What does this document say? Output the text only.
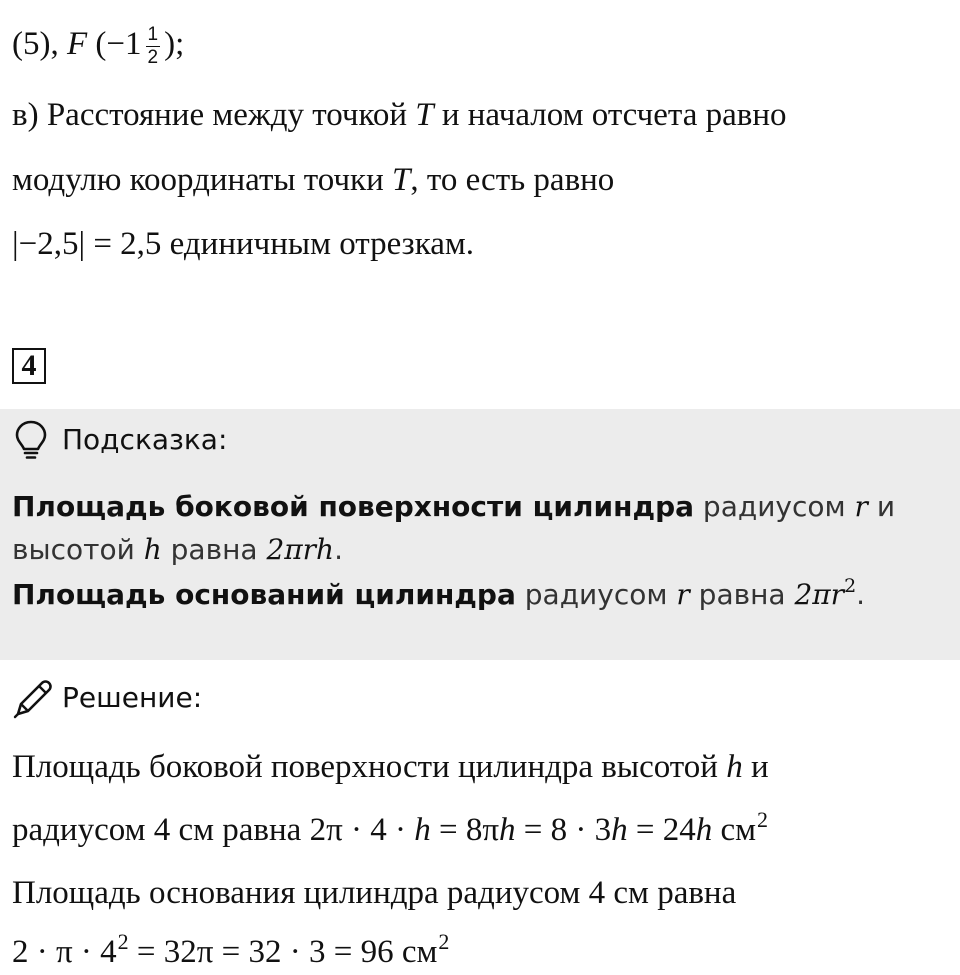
(5), F ($-1 \frac{1}{2}$ );
в) Расстояние между точкой T и началом отсчета равно
модулю координаты точки T, то есть равно
|−2,5| = 2,5 единичным отрезкам.
4
Подсказка:
Площадь боковой поверхности цилиндра радиусом r и
высотой h равна 2πrh.
Площадь оснований цилиндра радиусом r равна $2\pi r^2$.
Решение:
Площадь боковой поверхности цилиндра высотой h и
радиусом 4 см равна 2π · 4 · h = 8πh = 8 · 3h = 24h $см^2$
Площадь основания цилиндра радиусом 4 см равна
$2 \cdot \pi \cdot 4^2 = 32\pi = 32 \cdot 3 = 96$ $см^2$
